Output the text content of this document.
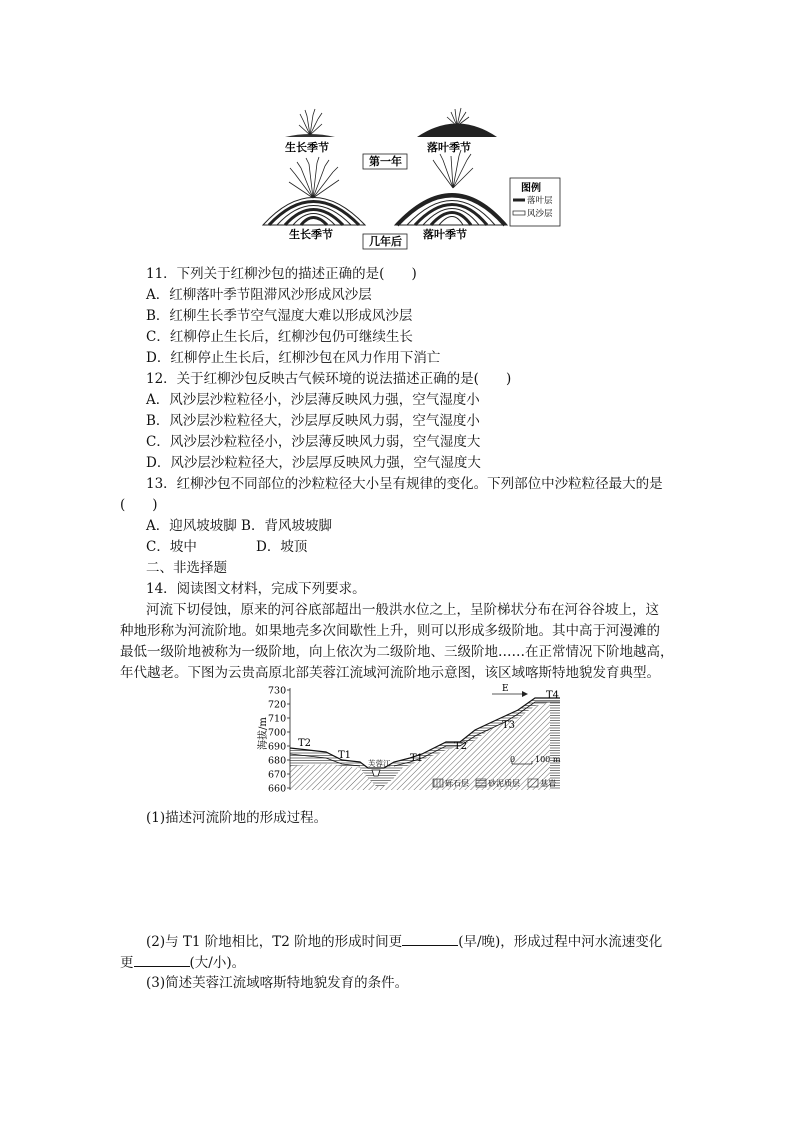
生长季节	落叶季节
第一年
生长季节	落叶季节
几年后
图例
落叶层
风沙层
11．下列关于红柳沙包的描述正确的是(　　)
A．红柳落叶季节阻滞风沙形成风沙层
B．红柳生长季节空气湿度大难以形成风沙层
C．红柳停止生长后，红柳沙包仍可继续生长
D．红柳停止生长后，红柳沙包在风力作用下消亡
12．关于红柳沙包反映古气候环境的说法描述正确的是(　　)
A．风沙层沙粒粒径小，沙层薄反映风力强，空气湿度小
B．风沙层沙粒粒径大，沙层厚反映风力弱，空气湿度小
C．风沙层沙粒粒径小，沙层薄反映风力弱，空气湿度大
D．风沙层沙粒粒径大，沙层厚反映风力强，空气湿度大
13．红柳沙包不同部位的沙粒粒径大小呈有规律的变化。下列部位中沙粒粒径最大的是
(　　)
A．迎风坡坡脚 B．背风坡坡脚
C．坡中	D．坡顶
二、非选择题
14．阅读图文材料，完成下列要求。
河流下切侵蚀，原来的河谷底部超出一般洪水位之上，呈阶梯状分布在河谷谷坡上，这
种地形称为河流阶地。如果地壳多次间歇性上升，则可以形成多级阶地。其中高于河漫滩的
最低一级阶地被称为一级阶地，向上依次为二级阶地、三级阶地……在正常情况下阶地越高，
年代越老。下图为云贵高原北部芙蓉江流域河流阶地示意图，该区域喀斯特地貌发育典型。
730
720
710
700
690
680
670
660
海拔/m	T2
T1	T1
T2
T3
T4
芙蓉江
E
0 100 m
砾石层 砂泥质层	基岩
(1)描述河流阶地的形成过程。
(2)与 T1 阶地相比，T2 阶地的形成时间更	(早/晚)，形成过程中河水流速变化
更	(大/小)。
(3)简述芙蓉江流域喀斯特地貌发育的条件。
